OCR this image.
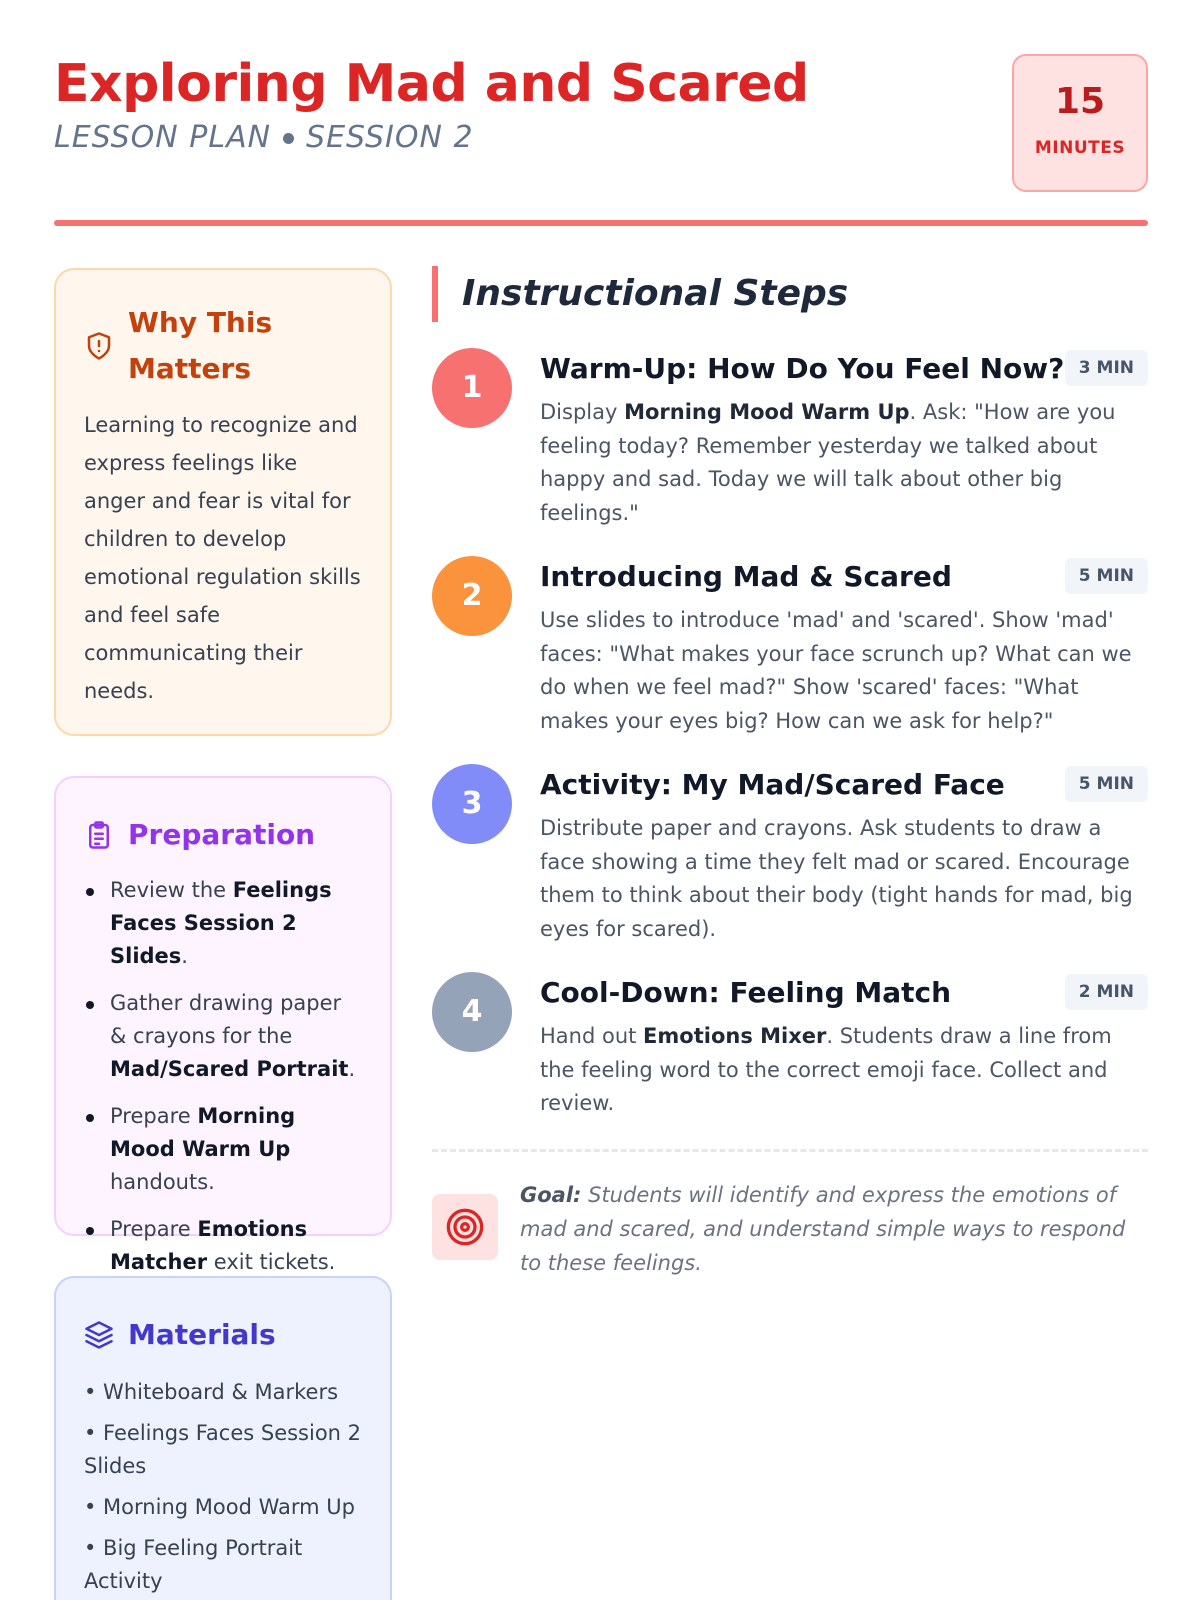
Exploring Mad and Scared
LESSON PLAN SESSION 2
15
MINUTES
Why This Matters
Learning to recognize and express feelings like anger and fear is vital for children to develop emotional regulation skills and feel safe communicating their needs.
Preparation
Review the Feelings Faces Session 2 Slides.
Gather drawing paper & crayons for the Mad/Scared Portrait.
Prepare Morning Mood Warm Up handouts.
Prepare Emotions Matcher exit tickets.
Materials
• Whiteboard & Markers
• Feelings Faces Session 2 Slides
• Morning Mood Warm Up
• Big Feeling Portrait Activity
Instructional Steps
1
Warm-Up: How Do You Feel Now? 3 MIN
Display Morning Mood Warm Up. Ask: "How are you feeling today? Remember yesterday we talked about happy and sad. Today we will talk about other big feelings."
2
Introducing Mad & Scared	5 MIN
Use slides to introduce 'mad' and 'scared'. Show 'mad' faces: "What makes your face scrunch up? What can we do when we feel mad?" Show 'scared' faces: "What makes your eyes big? How can we ask for help?"
3
Activity: My Mad/Scared Face	5 MIN
Distribute paper and crayons. Ask students to draw a face showing a time they felt mad or scared. Encourage them to think about their body (tight hands for mad, big eyes for scared).
4
Cool-Down: Feeling Match	2 MIN
Hand out Emotions Mixer. Students draw a line from the feeling word to the correct emoji face. Collect and review.
Goal: Students will identify and express the emotions of mad and scared, and understand simple ways to respond to these feelings.
